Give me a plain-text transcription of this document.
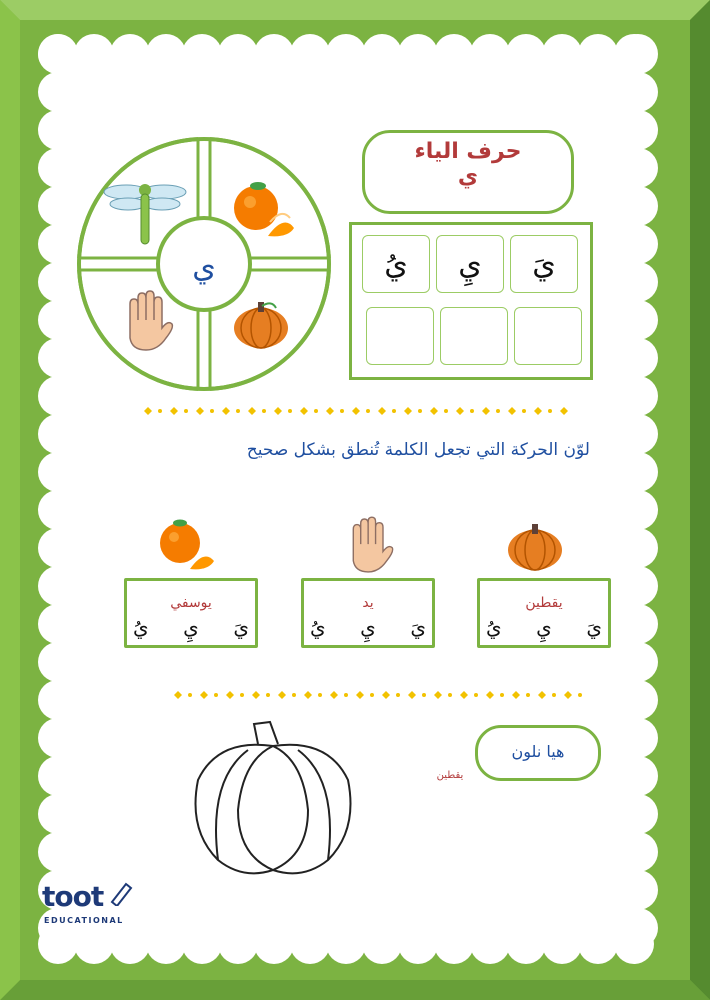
حرف الياء
ي
يَ
يِ
يُ
ي
لوّن الحركة التي تجعل الكلمة تُنطق بشكل صحيح
يقطين
يُ يِ يَ
يد
يُ يِ يَ
يوسفي
يُ يِ يَ
هيا نلون
يقطين
toot
EDUCATIONAL
